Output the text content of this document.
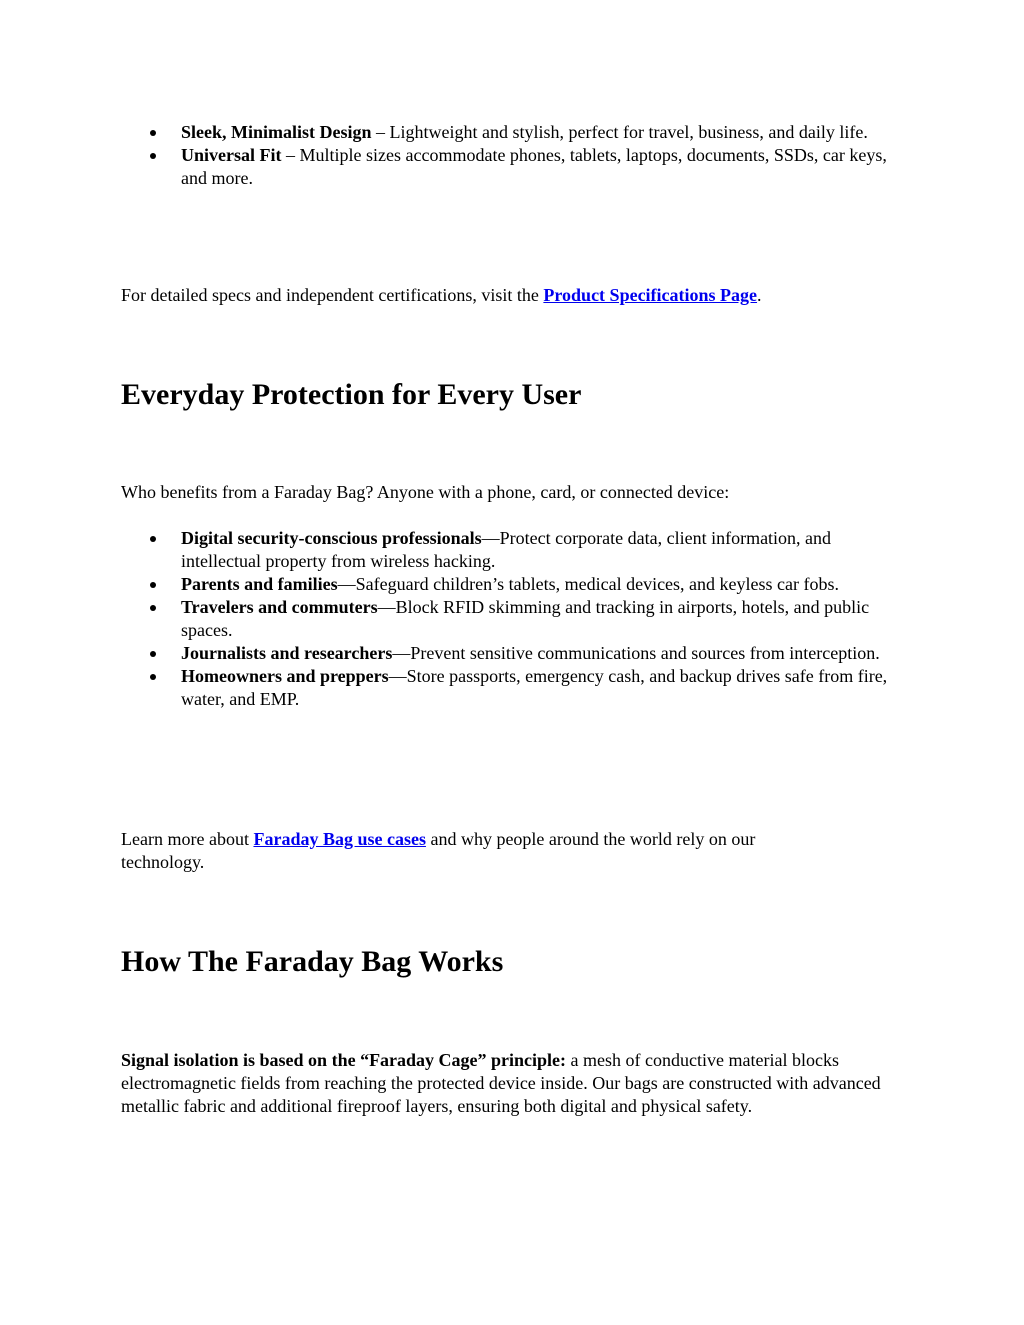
Sleek, Minimalist Design – Lightweight and stylish, perfect for travel, business, and daily life.
Universal Fit – Multiple sizes accommodate phones, tablets, laptops, documents, SSDs, car keys, and more.

For detailed specs and independent certifications, visit the Product Specifications Page.

Everyday Protection for Every User

Who benefits from a Faraday Bag? Anyone with a phone, card, or connected device:

Digital security-conscious professionals—Protect corporate data, client information, and intellectual property from wireless hacking.
Parents and families—Safeguard children’s tablets, medical devices, and keyless car fobs.
Travelers and commuters—Block RFID skimming and tracking in airports, hotels, and public spaces.
Journalists and researchers—Prevent sensitive communications and sources from interception.
Homeowners and preppers—Store passports, emergency cash, and backup drives safe from fire, water, and EMP.

Learn more about Faraday Bag use cases and why people around the world rely on our technology.

How The Faraday Bag Works

Signal isolation is based on the “Faraday Cage” principle: a mesh of conductive material blocks electromagnetic fields from reaching the protected device inside. Our bags are constructed with advanced metallic fabric and additional fireproof layers, ensuring both digital and physical safety.
